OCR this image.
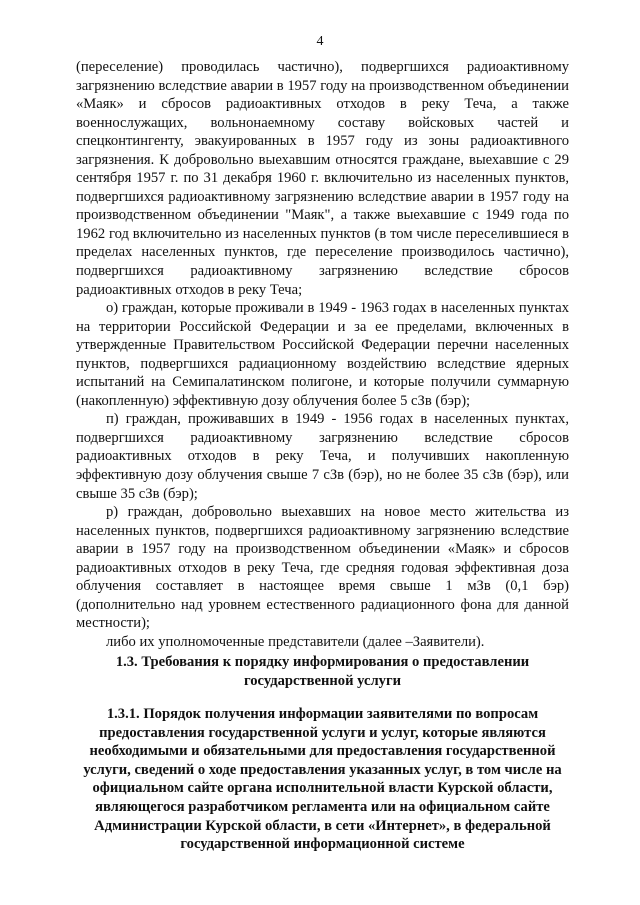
4

(переселение) проводилась частично), подвергшихся радиоактивному загрязнению вследствие аварии в 1957 году на производственном объединении «Маяк» и сбросов радиоактивных отходов в реку Теча, а также военнослужащих, вольнонаемному составу войсковых частей и спецконтингенту, эвакуированных в 1957 году из зоны радиоактивного загрязнения. К добровольно выехавшим относятся граждане, выехавшие с 29 сентября 1957 г. по 31 декабря 1960 г. включительно из населенных пунктов, подвергшихся радиоактивному загрязнению вследствие аварии в 1957 году на производственном объединении "Маяк", а также выехавшие с 1949 года по 1962 год включительно из населенных пунктов (в том числе переселившиеся в пределах населенных пунктов, где переселение производилось частично), подвергшихся радиоактивному загрязнению вследствие сбросов радиоактивных отходов в реку Теча;

о) граждан, которые проживали в 1949 - 1963 годах в населенных пунктах на территории Российской Федерации и за ее пределами, включенных в утвержденные Правительством Российской Федерации перечни населенных пунктов, подвергшихся радиационному воздействию вследствие ядерных испытаний на Семипалатинском полигоне, и которые получили суммарную (накопленную) эффективную дозу облучения более 5 сЗв (бэр);

п) граждан, проживавших в 1949 - 1956 годах в населенных пунктах, подвергшихся радиоактивному загрязнению вследствие сбросов радиоактивных отходов в реку Теча, и получивших накопленную эффективную дозу облучения свыше 7 сЗв (бэр), но не более 35 сЗв (бэр), или свыше 35 сЗв (бэр);

р) граждан, добровольно выехавших на новое место жительства из населенных пунктов, подвергшихся радиоактивному загрязнению вследствие аварии в 1957 году на производственном объединении «Маяк» и сбросов радиоактивных отходов в реку Теча, где средняя годовая эффективная доза облучения составляет в настоящее время свыше 1 мЗв (0,1 бэр) (дополнительно над уровнем естественного радиационного фона для данной местности);

либо их уполномоченные представители (далее –Заявители).

1.3. Требования к порядку информирования о предоставлении государственной услуги
1.3.1. Порядок получения информации заявителями по вопросам предоставления государственной услуги и услуг, которые являются необходимыми и обязательными для предоставления государственной услуги, сведений о ходе предоставления указанных услуг, в том числе на официальном сайте органа исполнительной власти Курской области, являющегося разработчиком регламента или на официальном сайте Администрации Курской области, в сети «Интернет», в федеральной государственной информационной системе
